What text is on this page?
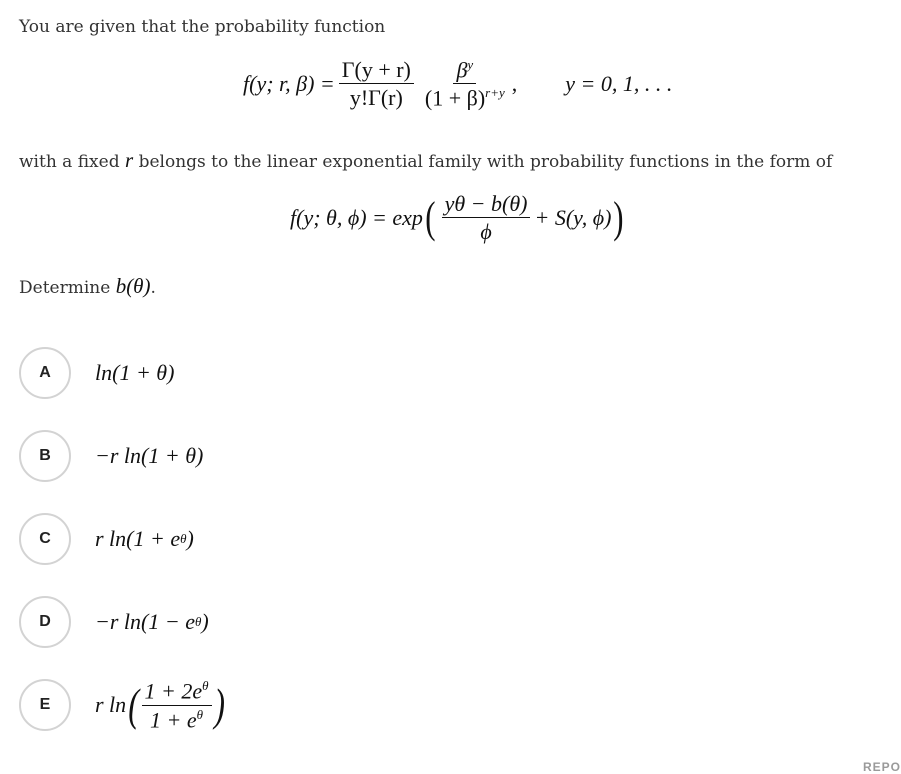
You are given that the probability function
f(y; r, $\beta) = \frac{\Gamma(y + r)}{y!\Gamma(r)} \frac{\beta^y}{(1 + \beta)^{r+y}}$ , y = 0, 1, . . .
with a fixed r belongs to the linear exponential family with probability functions in the form of
f(y; θ, ϕ) = exp ( $\frac{y\theta - b(\theta)}{\phi} + S(y$, ϕ) )
Determine b(θ).
A	ln(1 + θ)
B	−r ln(1 + θ)
C	r ln(1 + e θ )
D	−r ln(1 − e θ )
E	r ln ( $\frac{1 + 2e^\theta}{1 + e^\theta}$ )
REPO
